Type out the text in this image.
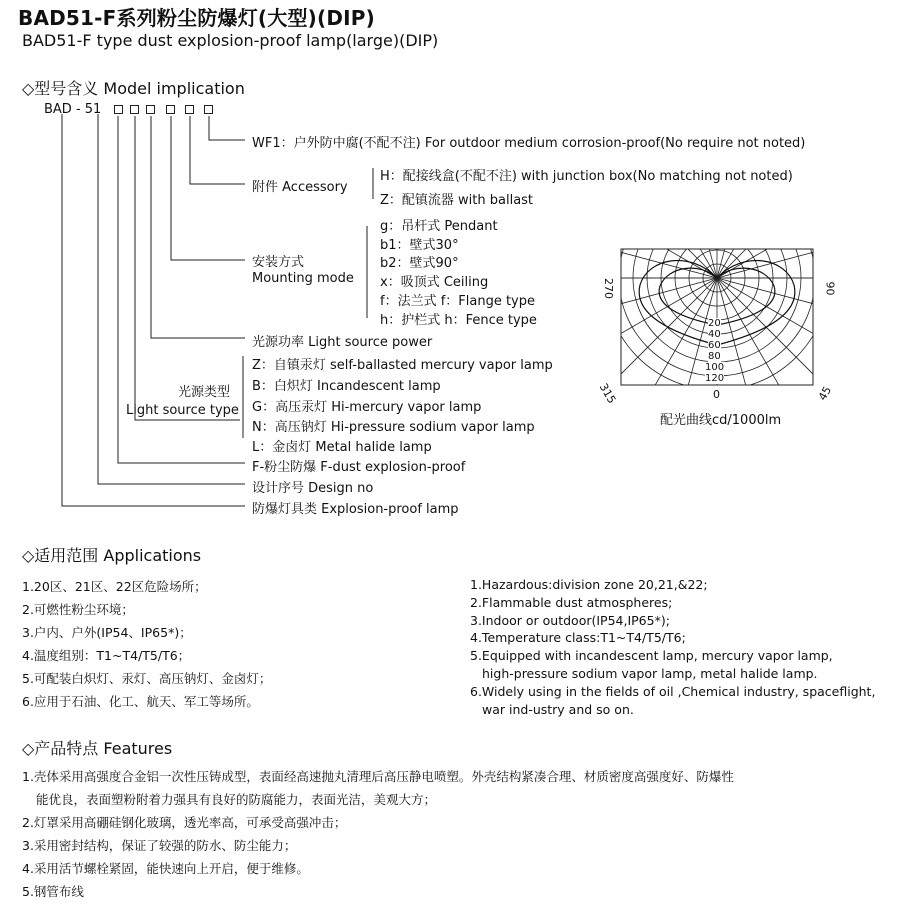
BAD51-F系列粉尘防爆灯(大型)(DIP)
BAD51-F type dust explosion-proof lamp(large)(DIP)
◇型号含义 Model implication
BAD - 51
WF1：户外防中腐(不配不注) For outdoor medium corrosion-proof(No require not noted)
附件 Accessory
H：配接线盒(不配不注) with junction box(No matching not noted)
Z：配镇流器 with ballast
安装方式
Mounting mode
g：吊杆式 Pendant
b1：壁式30°
b2：壁式90°
x：吸顶式 Ceiling
f：法兰式 f：Flange type
h：护栏式 h：Fence type
光源功率 Light source power
光源类型
Light source type
Z：自镇汞灯 self-ballasted mercury vapor lamp
B：白炽灯 Incandescent lamp
G：高压汞灯 Hi-mercury vapor lamp
N：高压钠灯 Hi-pressure sodium vapor lamp
L：金卤灯 Metal halide lamp
F-粉尘防爆 F-dust explosion-proof
设计序号 Design no
防爆灯具类 Explosion-proof lamp
270	90
315	0	45
20
40
60
80
100
120
配光曲线cd/1000lm
◇适用范围 Applications
1.20区、21区、22区危险场所；
2.可燃性粉尘环境；
3.户内、户外(IP54、IP65*)；
4.温度组别：T1~T4/T5/T6；
5.可配装白炽灯、汞灯、高压钠灯、金卤灯；
6.应用于石油、化工、航天、军工等场所。
1.Hazardous:division zone 20,21,&22;
2.Flammable dust atmospheres;
3.Indoor or outdoor(IP54,IP65*);
4.Temperature class:T1~T4/T5/T6;
5.Equipped with incandescent lamp, mercury vapor lamp,
high-pressure sodium vapor lamp, metal halide lamp.
6.Widely using in the fields of oil ,Chemical industry, spaceflight,
war ind-ustry and so on.
◇产品特点 Features
1.壳体采用高强度合金铝一次性压铸成型，表面经高速抛丸清理后高压静电喷塑。外壳结构紧凑合理、材质密度高强度好、防爆性
能优良，表面塑粉附着力强具有良好的防腐能力，表面光洁，美观大方；
2.灯罩采用高硼硅钢化玻璃，透光率高，可承受高强冲击；
3.采用密封结构，保证了较强的防水、防尘能力；
4.采用活节螺栓紧固，能快速向上开启，便于维修。
5.钢管布线
